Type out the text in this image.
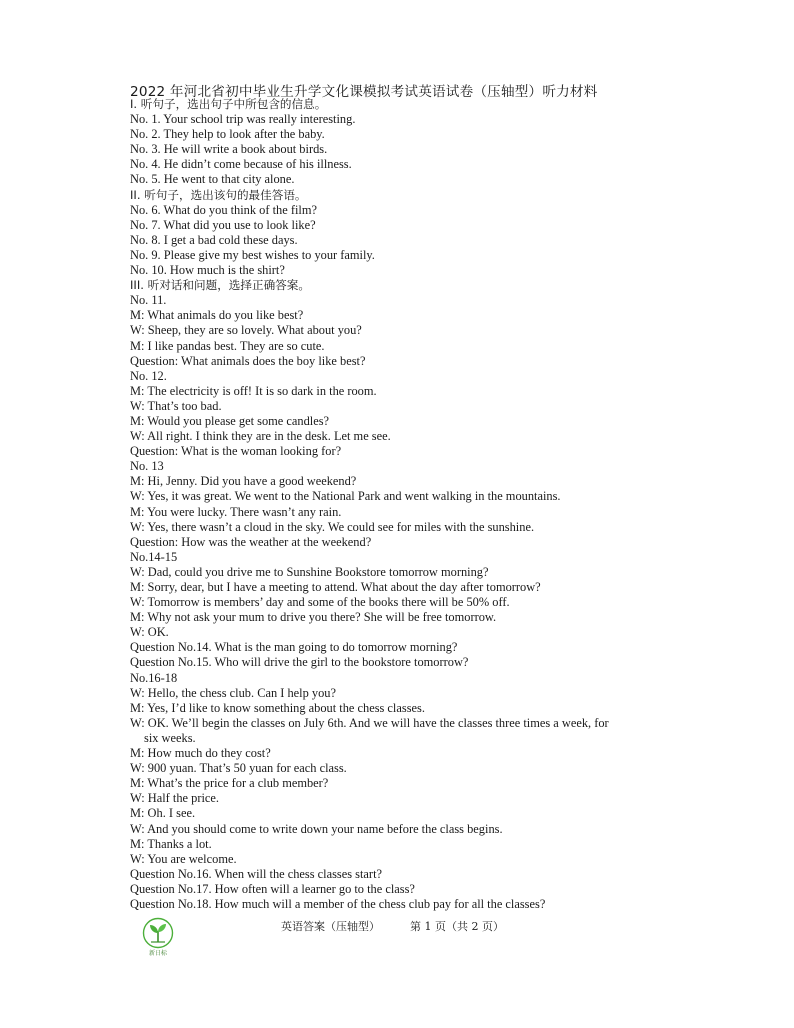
2022 年河北省初中毕业生升学文化课模拟考试英语试卷（压轴型）听力材料
I. 听句子，选出句子中所包含的信息。
No. 1. Your school trip was really interesting.
No. 2. They help to look after the baby.
No. 3. He will write a book about birds.
No. 4. He didn’t come because of his illness.
No. 5. He went to that city alone.
II. 听句子，选出该句的最佳答语。
No. 6. What do you think of the film?
No. 7. What did you use to look like?
No. 8. I get a bad cold these days.
No. 9. Please give my best wishes to your family.
No. 10. How much is the shirt?
III. 听对话和问题，选择正确答案。
No. 11.
M: What animals do you like best?
W: Sheep, they are so lovely. What about you?
M: I like pandas best. They are so cute.
Question: What animals does the boy like best?
No. 12.
M: The electricity is off! It is so dark in the room.
W: That’s too bad.
M: Would you please get some candles?
W: All right. I think they are in the desk. Let me see.
Question: What is the woman looking for?
No. 13
M: Hi, Jenny. Did you have a good weekend?
W: Yes, it was great. We went to the National Park and went walking in the mountains.
M: You were lucky. There wasn’t any rain.
W: Yes, there wasn’t a cloud in the sky. We could see for miles with the sunshine.
Question: How was the weather at the weekend?
No.14-15
W: Dad, could you drive me to Sunshine Bookstore tomorrow morning?
M: Sorry, dear, but I have a meeting to attend. What about the day after tomorrow?
W: Tomorrow is members’ day and some of the books there will be 50% off.
M: Why not ask your mum to drive you there? She will be free tomorrow.
W: OK.
Question No.14. What is the man going to do tomorrow morning?
Question No.15. Who will drive the girl to the bookstore tomorrow?
No.16-18
W: Hello, the chess club. Can I help you?
M: Yes, I’d like to know something about the chess classes.
W: OK. We’ll begin the classes on July 6th. And we will have the classes three times a week, for
six weeks.
M: How much do they cost?
W: 900 yuan. That’s 50 yuan for each class.
M: What’s the price for a club member?
W: Half the price.
M: Oh. I see.
W: And you should come to write down your name before the class begins.
M: Thanks a lot.
W: You are welcome.
Question No.16. When will the chess classes start?
Question No.17. How often will a learner go to the class?
Question No.18. How much will a member of the chess club pay for all the classes?
新日标
英语答案（压轴型）	第 1 页（共 2 页）
